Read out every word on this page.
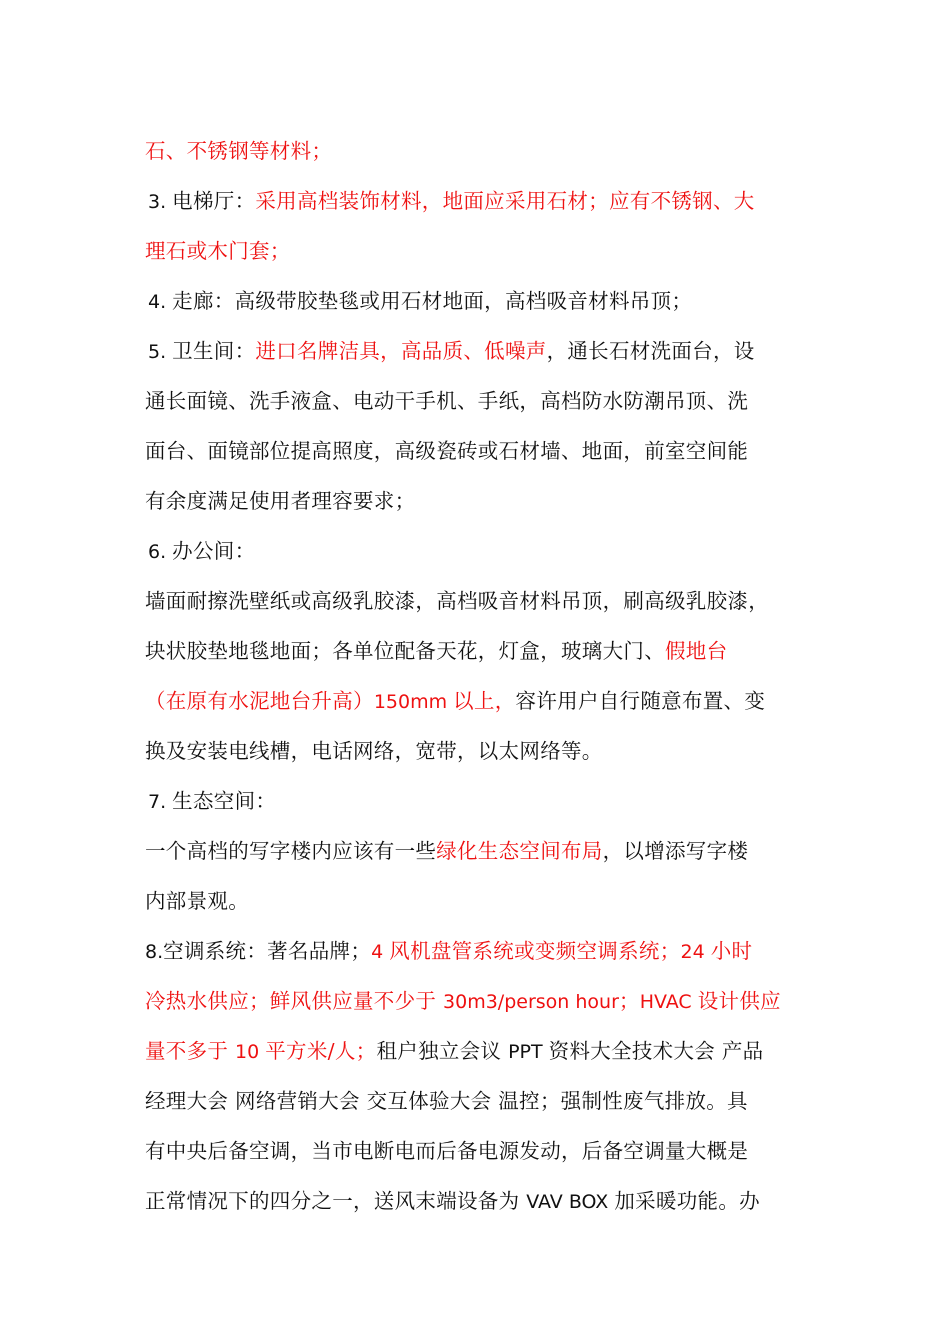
石、不锈钢等材料；
3. 电梯厅：采用高档装饰材料，地面应采用石材；应有不锈钢、大
理石或木门套；
4. 走廊：高级带胶垫毯或用石材地面，高档吸音材料吊顶；
5. 卫生间：进口名牌洁具，高品质、低噪声，通长石材洗面台，设
通长面镜、洗手液盒、电动干手机、手纸，高档防水防潮吊顶、洗
面台、面镜部位提高照度，高级瓷砖或石材墙、地面，前室空间能
有余度满足使用者理容要求；
6. 办公间：
墙面耐擦洗壁纸或高级乳胶漆，高档吸音材料吊顶，刷高级乳胶漆，
块状胶垫地毯地面；各单位配备天花，灯盒，玻璃大门、假地台
（在原有水泥地台升高）150mm 以上，容许用户自行随意布置、变
换及安装电线槽，电话网络，宽带，以太网络等。
7. 生态空间：
一个高档的写字楼内应该有一些绿化生态空间布局，以增添写字楼
内部景观。
8.空调系统：著名品牌；4 风机盘管系统或变频空调系统；24 小时
冷热水供应；鲜风供应量不少于 30m3/person hour；HVAC 设计供应
量不多于 10 平方米/人；租户独立会议 PPT 资料大全技术大会 产品
经理大会 网络营销大会 交互体验大会 温控；强制性废气排放。具
有中央后备空调，当市电断电而后备电源发动，后备空调量大概是
正常情况下的四分之一，送风末端设备为 VAV BOX 加采暖功能。办
